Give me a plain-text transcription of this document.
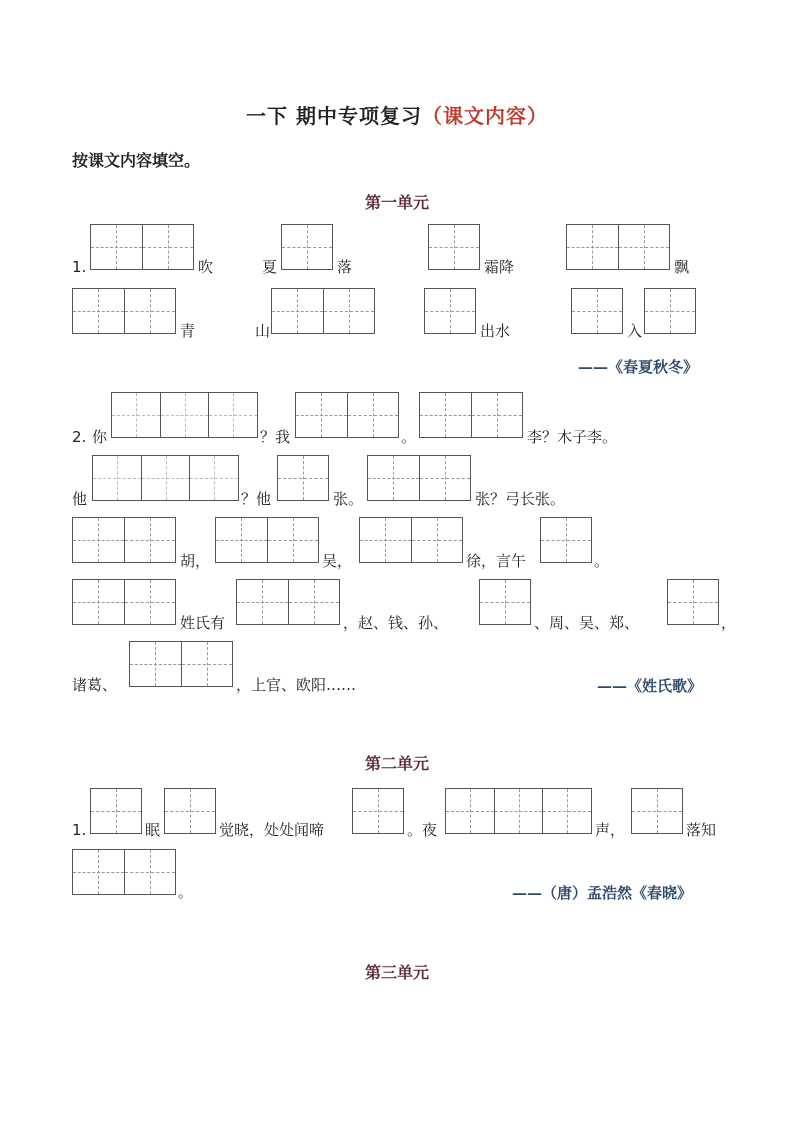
一下 期中专项复习（课文内容）
按课文内容填空。
第一单元
1.	吹	夏	落	霜降	飘
青	山	出水	入
——《春夏秋冬》
2. 你	？我	。	李？木子李。
他	？他	张。	张？弓长张。
胡，	吴，	徐，言午	。
姓氏有	，赵、钱、孙、	、周、吴、郑、	，
诸葛、	，上官、欧阳……	——《姓氏歌》
第二单元
1.	眠	觉晓，处处闻啼	。夜	声，	落知
。	——（唐）孟浩然《春晓》
第三单元
